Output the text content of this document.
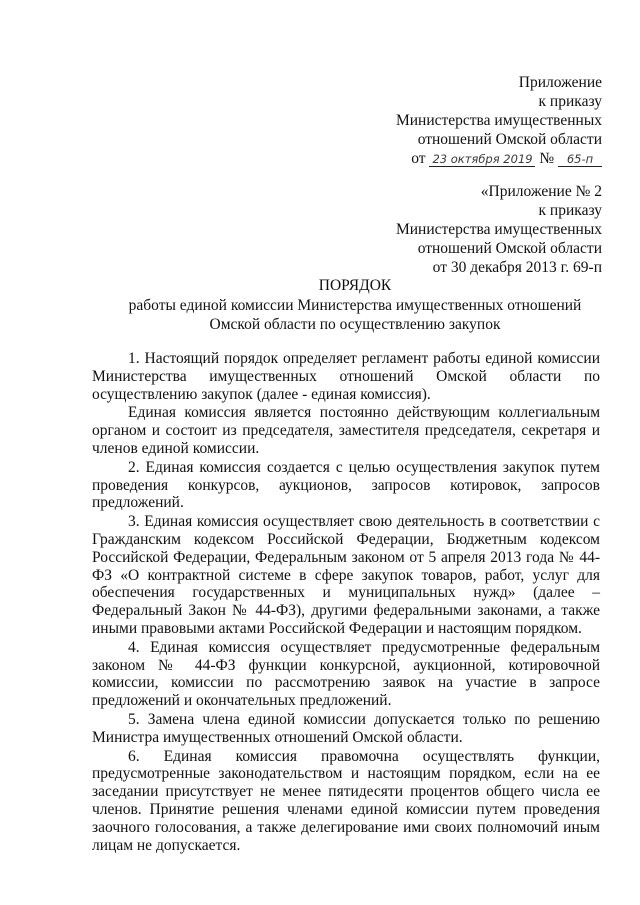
Приложение
к приказу
Министерства имущественных
отношений Омской области
от 23 октября 2019 № 65-п
«Приложение № 2
к приказу
Министерства имущественных
отношений Омской области
от 30 декабря 2013 г. 69-п
ПОРЯДОК
работы единой комиссии Министерства имущественных отношений
Омской области по осуществлению закупок

1. Настоящий порядок определяет регламент работы единой комиссии Министерства имущественных отношений Омской области по осуществлению закупок (далее - единая комиссия).

Единая комиссия является постоянно действующим коллегиальным органом и состоит из председателя, заместителя председателя, секретаря и членов единой комиссии.

2. Единая комиссия создается с целью осуществления закупок путем проведения конкурсов, аукционов, запросов котировок, запросов предложений.

3. Единая комиссия осуществляет свою деятельность в соответствии с Гражданским кодексом Российской Федерации, Бюджетным кодексом Российской Федерации, Федеральным законом от 5 апреля 2013 года № 44-ФЗ «О контрактной системе в сфере закупок товаров, работ, услуг для обеспечения государственных и муниципальных нужд» (далее – Федеральный Закон № 44-ФЗ), другими федеральными законами, а также иными правовыми актами Российской Федерации и настоящим порядком.

4. Единая комиссия осуществляет предусмотренные федеральным законом № 44-ФЗ функции конкурсной, аукционной, котировочной комиссии, комиссии по рассмотрению заявок на участие в запросе предложений и окончательных предложений.

5. Замена члена единой комиссии допускается только по решению Министра имущественных отношений Омской области.

6. Единая комиссия правомочна осуществлять функции, предусмотренные законодательством и настоящим порядком, если на ее заседании присутствует не менее пятидесяти процентов общего числа ее членов. Принятие решения членами единой комиссии путем проведения заочного голосования, а также делегирование ими своих полномочий иным лицам не допускается.
